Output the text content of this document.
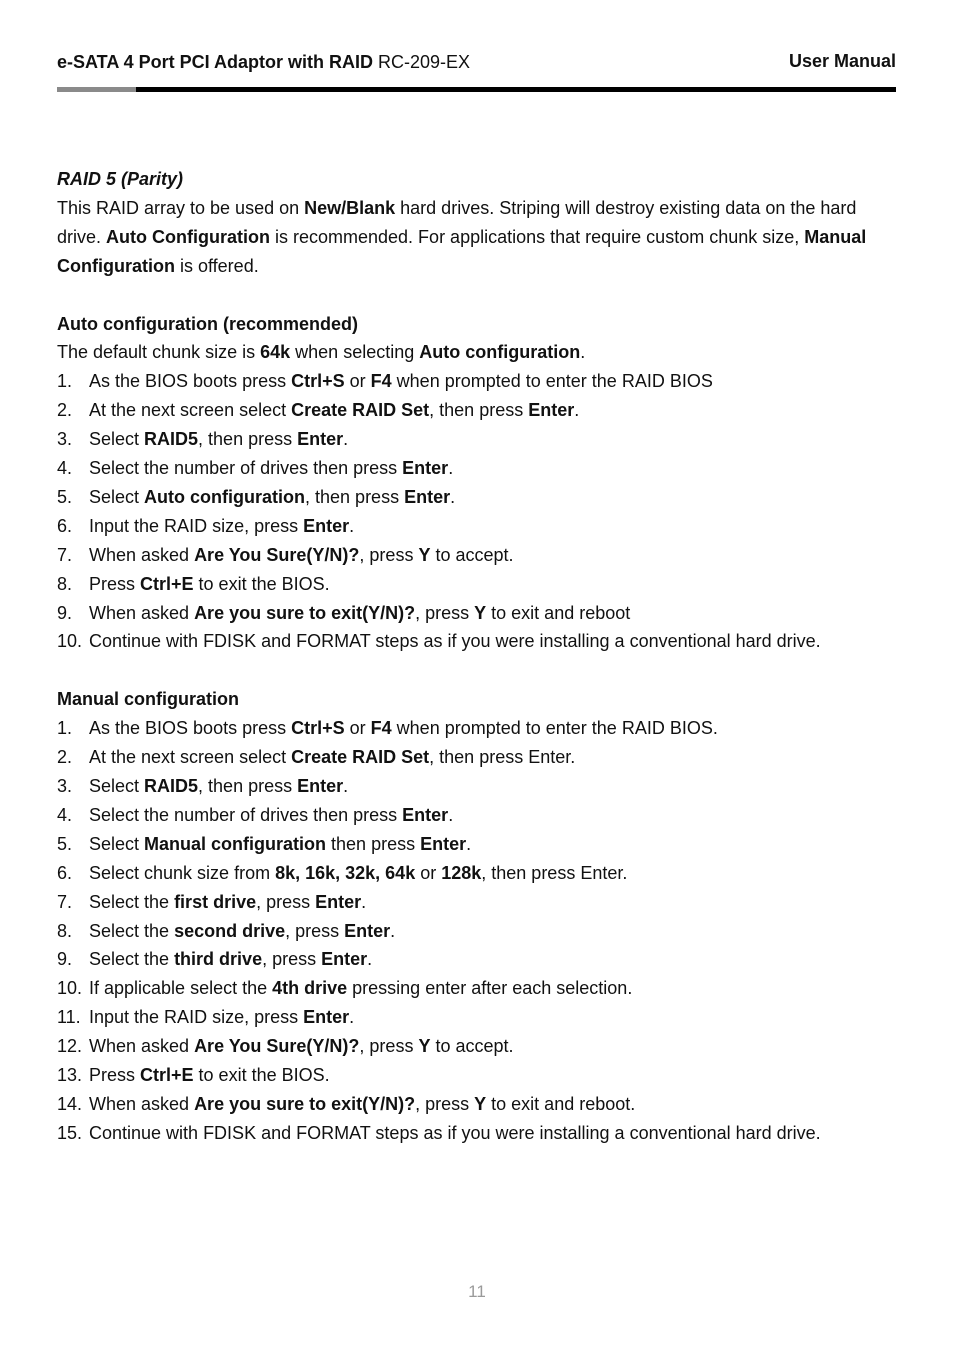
e-SATA 4 Port PCI Adaptor with RAID RC-209-EX	User Manual
RAID 5 (Parity)
This RAID array to be used on New/Blank hard drives. Striping will destroy existing data on the hard drive. Auto Configuration is recommended. For applications that require custom chunk size, Manual Configuration is offered.
Auto configuration (recommended)
The default chunk size is 64k when selecting Auto configuration.
1. As the BIOS boots press Ctrl+S or F4 when prompted to enter the RAID BIOS
2. At the next screen select Create RAID Set, then press Enter.
3. Select RAID5, then press Enter.
4. Select the number of drives then press Enter.
5. Select Auto configuration, then press Enter.
6. Input the RAID size, press Enter.
7. When asked Are You Sure(Y/N)?, press Y to accept.
8. Press Ctrl+E to exit the BIOS.
9. When asked Are you sure to exit(Y/N)?, press Y to exit and reboot
10. Continue with FDISK and FORMAT steps as if you were installing a conventional hard drive.
Manual configuration
1. As the BIOS boots press Ctrl+S or F4 when prompted to enter the RAID BIOS.
2. At the next screen select Create RAID Set, then press Enter.
3. Select RAID5, then press Enter.
4. Select the number of drives then press Enter.
5. Select Manual configuration then press Enter.
6. Select chunk size from 8k, 16k, 32k, 64k or 128k, then press Enter.
7. Select the first drive, press Enter.
8. Select the second drive, press Enter.
9. Select the third drive, press Enter.
10. If applicable select the 4th drive pressing enter after each selection.
11. Input the RAID size, press Enter.
12. When asked Are You Sure(Y/N)?, press Y to accept.
13. Press Ctrl+E to exit the BIOS.
14. When asked Are you sure to exit(Y/N)?, press Y to exit and reboot.
15. Continue with FDISK and FORMAT steps as if you were installing a conventional hard drive.
11
